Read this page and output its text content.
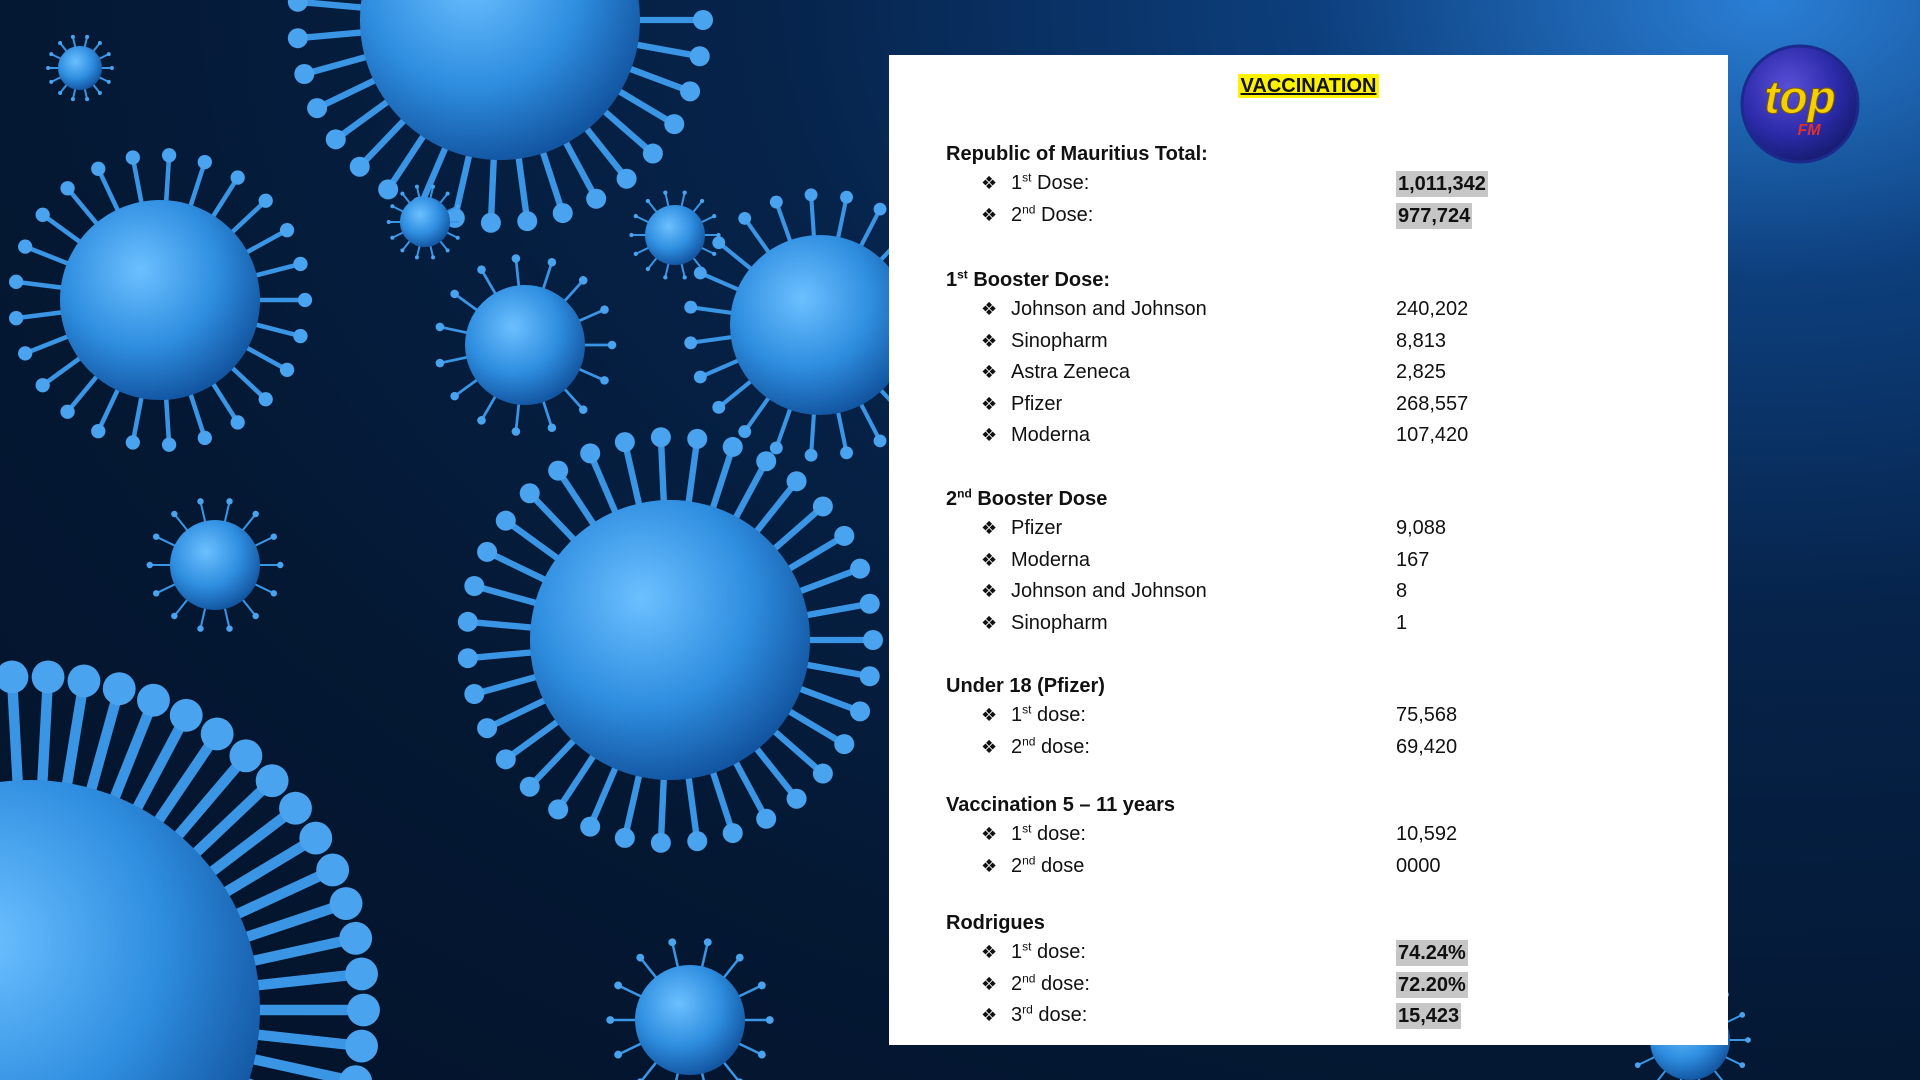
VACCINATION
Republic of Mauritius Total:
❖ 1st Dose:	1,011,342
❖ 2nd Dose:	977,724
1st Booster Dose:
❖ Johnson and Johnson	240,202
❖ Sinopharm	8,813
❖ Astra Zeneca	2,825
❖ Pfizer	268,557
❖ Moderna	107,420
2nd Booster Dose
❖ Pfizer	9,088
❖ Moderna	167
❖ Johnson and Johnson	8
❖ Sinopharm	1
Under 18 (Pfizer)
❖ 1st dose:	75,568
❖ 2nd dose:	69,420
Vaccination 5 – 11 years
❖ 1st dose:	10,592
❖ 2nd dose	0000
Rodrigues
❖ 1st dose:	74.24%
❖ 2nd dose:	72.20%
❖ 3rd dose:	15,423
top
FM
